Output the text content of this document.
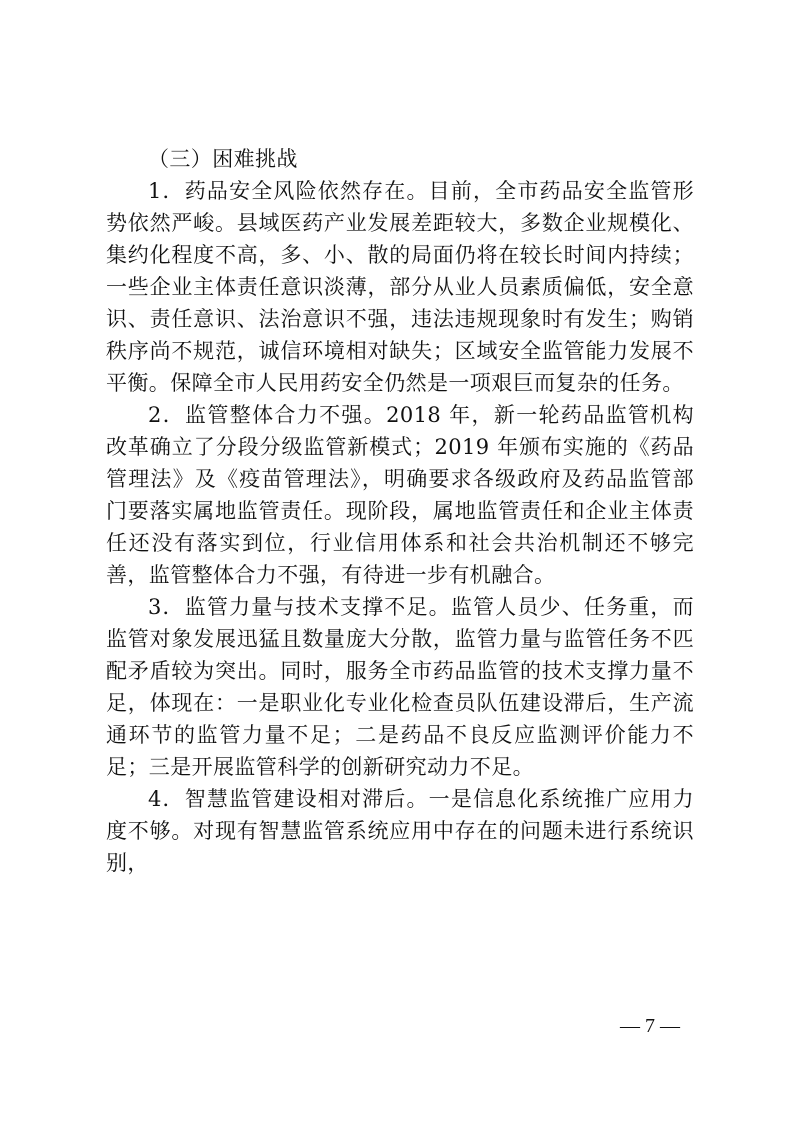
（三）困难挑战

1．药品安全风险依然存在。目前，全市药品安全监管形势依然严峻。县域医药产业发展差距较大，多数企业规模化、集约化程度不高，多、小、散的局面仍将在较长时间内持续；一些企业主体责任意识淡薄，部分从业人员素质偏低，安全意识、责任意识、法治意识不强，违法违规现象时有发生；购销秩序尚不规范，诚信环境相对缺失；区域安全监管能力发展不平衡。保障全市人民用药安全仍然是一项艰巨而复杂的任务。

2．监管整体合力不强。2018 年，新一轮药品监管机构改革确立了分段分级监管新模式；2019 年颁布实施的《药品管理法》及《疫苗管理法》，明确要求各级政府及药品监管部门要落实属地监管责任。现阶段，属地监管责任和企业主体责任还没有落实到位，行业信用体系和社会共治机制还不够完善，监管整体合力不强，有待进一步有机融合。

3．监管力量与技术支撑不足。监管人员少、任务重，而监管对象发展迅猛且数量庞大分散，监管力量与监管任务不匹配矛盾较为突出。同时，服务全市药品监管的技术支撑力量不足，体现在：一是职业化专业化检查员队伍建设滞后，生产流通环节的监管力量不足；二是药品不良反应监测评价能力不足；三是开展监管科学的创新研究动力不足。

4．智慧监管建设相对滞后。一是信息化系统推广应用力度不够。对现有智慧监管系统应用中存在的问题未进行系统识别，

— 7 —
